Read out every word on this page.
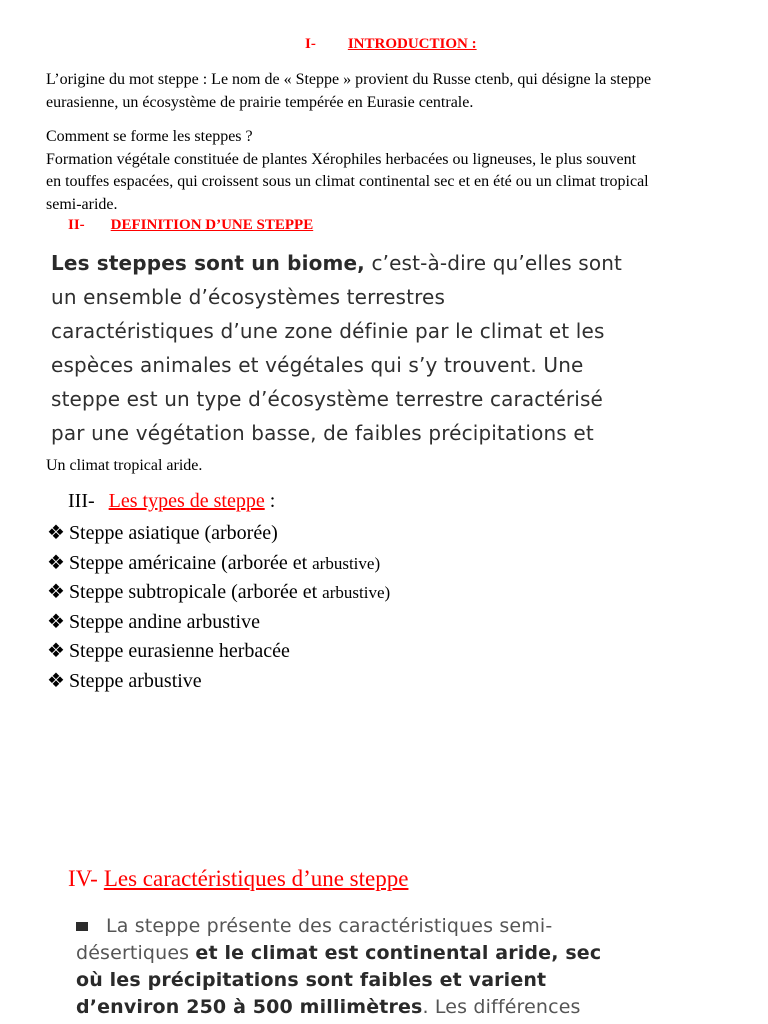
I- INTRODUCTION :
L’origine du mot steppe : Le nom de « Steppe » provient du Russe ctenb, qui désigne la steppe
eurasienne, un écosystème de prairie tempérée en Eurasie centrale.
Comment se forme les steppes ?
Formation végétale constituée de plantes Xérophiles herbacées ou ligneuses, le plus souvent
en touffes espacées, qui croissent sous un climat continental sec et en été ou un climat tropical
semi-aride.
II- DEFINITION D’UNE STEPPE
Les steppes sont un biome, c’est-à-dire qu’elles sont
un ensemble d’écosystèmes terrestres
caractéristiques d’une zone définie par le climat et les
espèces animales et végétales qui s’y trouvent. Une
steppe est un type d’écosystème terrestre caractérisé
par une végétation basse, de faibles précipitations et
Un climat tropical aride.
III- Les types de steppe :
❖ Steppe asiatique (arborée)
❖ Steppe américaine (arborée et arbustive)
❖ Steppe subtropicale (arborée et arbustive)
❖ Steppe andine arbustive
❖ Steppe eurasienne herbacée
❖ Steppe arbustive
IV- Les caractéristiques d’une steppe
La steppe présente des caractéristiques semi-
désertiques et le climat est continental aride, sec
où les précipitations sont faibles et varient
d’environ 250 à 500 millimètres. Les différences
